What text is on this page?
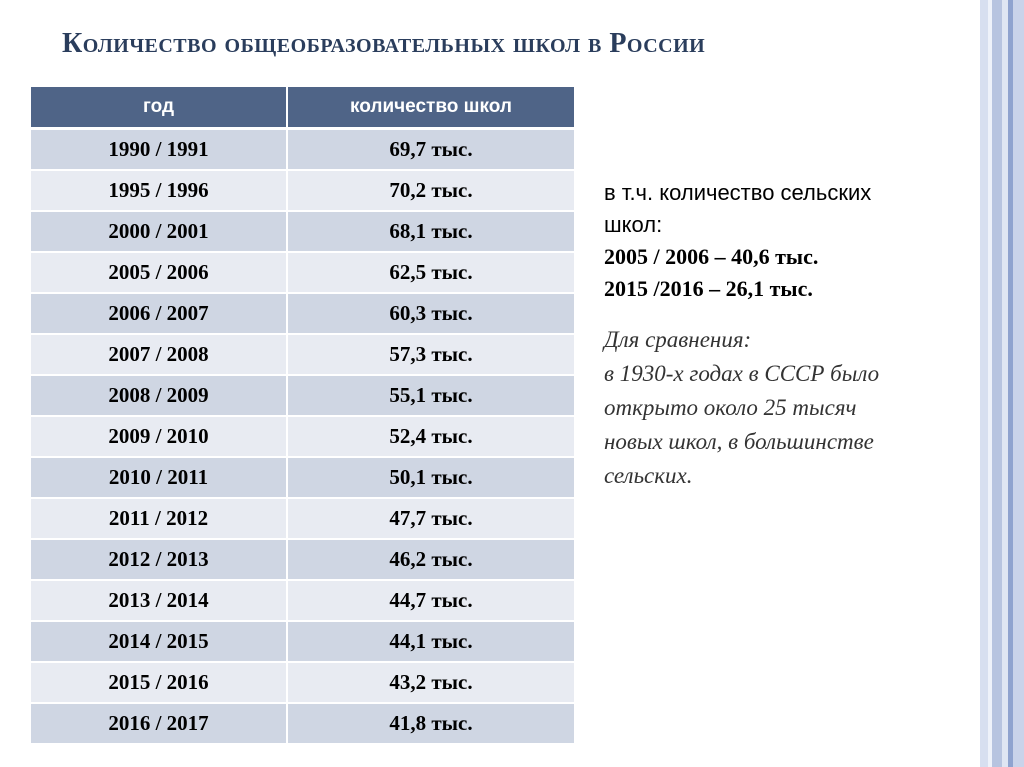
Количество общеобразовательных школ в России
год	количество школ
1990 / 1991	69,7 тыс.
1995 / 1996	70,2 тыс.
2000 / 2001	68,1 тыс.
2005 / 2006	62,5 тыс.
2006 / 2007	60,3 тыс.
2007 / 2008	57,3 тыс.
2008 / 2009	55,1 тыс.
2009 / 2010	52,4 тыс.
2010 / 2011	50,1 тыс.
2011 / 2012	47,7 тыс.
2012 / 2013	46,2 тыс.
2013 / 2014	44,7 тыс.
2014 / 2015	44,1 тыс.
2015 / 2016	43,2 тыс.
2016 / 2017	41,8 тыс.
в т.ч. количество сельских
школ:
2005 / 2006 – 40,6 тыс.
2015 /2016 – 26,1 тыс.
Для сравнения:
в 1930-х годах в СССР было
открыто около 25 тысяч
новых школ, в большинстве
сельских.
